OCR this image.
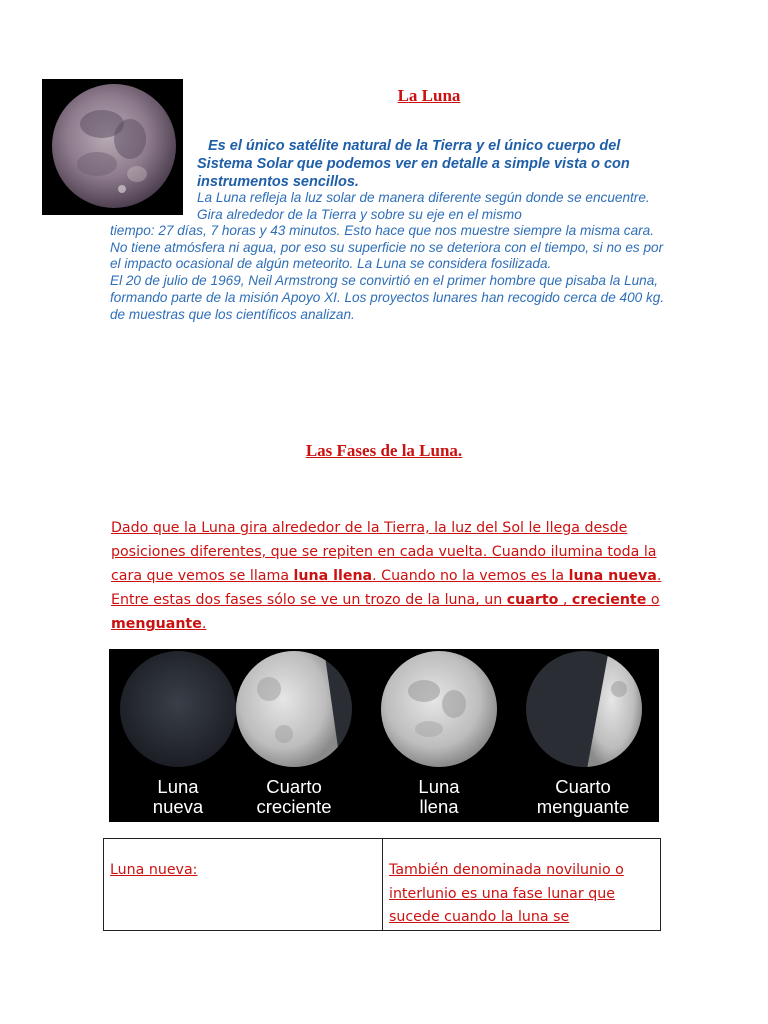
La Luna
Es el único satélite natural de la Tierra y el único cuerpo del Sistema Solar que podemos ver en detalle a simple vista o con instrumentos sencillos.
La Luna refleja la luz solar de manera diferente según donde se encuentre. Gira alrededor de la Tierra y sobre su eje en el mismo
tiempo: 27 días, 7 horas y 43 minutos. Esto hace que nos muestre siempre la misma cara.
No tiene atmósfera ni agua, por eso su superficie no se deteriora con el tiempo, si no es por el impacto ocasional de algún meteorito. La Luna se considera fosilizada.
El 20 de julio de 1969, Neil Armstrong se convirtió en el primer hombre que pisaba la Luna, formando parte de la misión Apoyo XI. Los proyectos lunares han recogido cerca de 400 kg. de muestras que los científicos analizan.
Las Fases de la Luna.
Dado que la Luna gira alrededor de la Tierra, la luz del Sol le llega desde posiciones diferentes, que se repiten en cada vuelta. Cuando ilumina toda la cara que vemos se llama luna llena. Cuando no la vemos es la luna nueva. Entre estas dos fases sólo se ve un trozo de la luna, un cuarto , creciente o menguante.
Luna
nueva
Cuarto
creciente
Luna
llena
Cuarto
menguante
Luna nueva:	También denominada novilunio o interlunio es una fase lunar que sucede cuando la luna se
